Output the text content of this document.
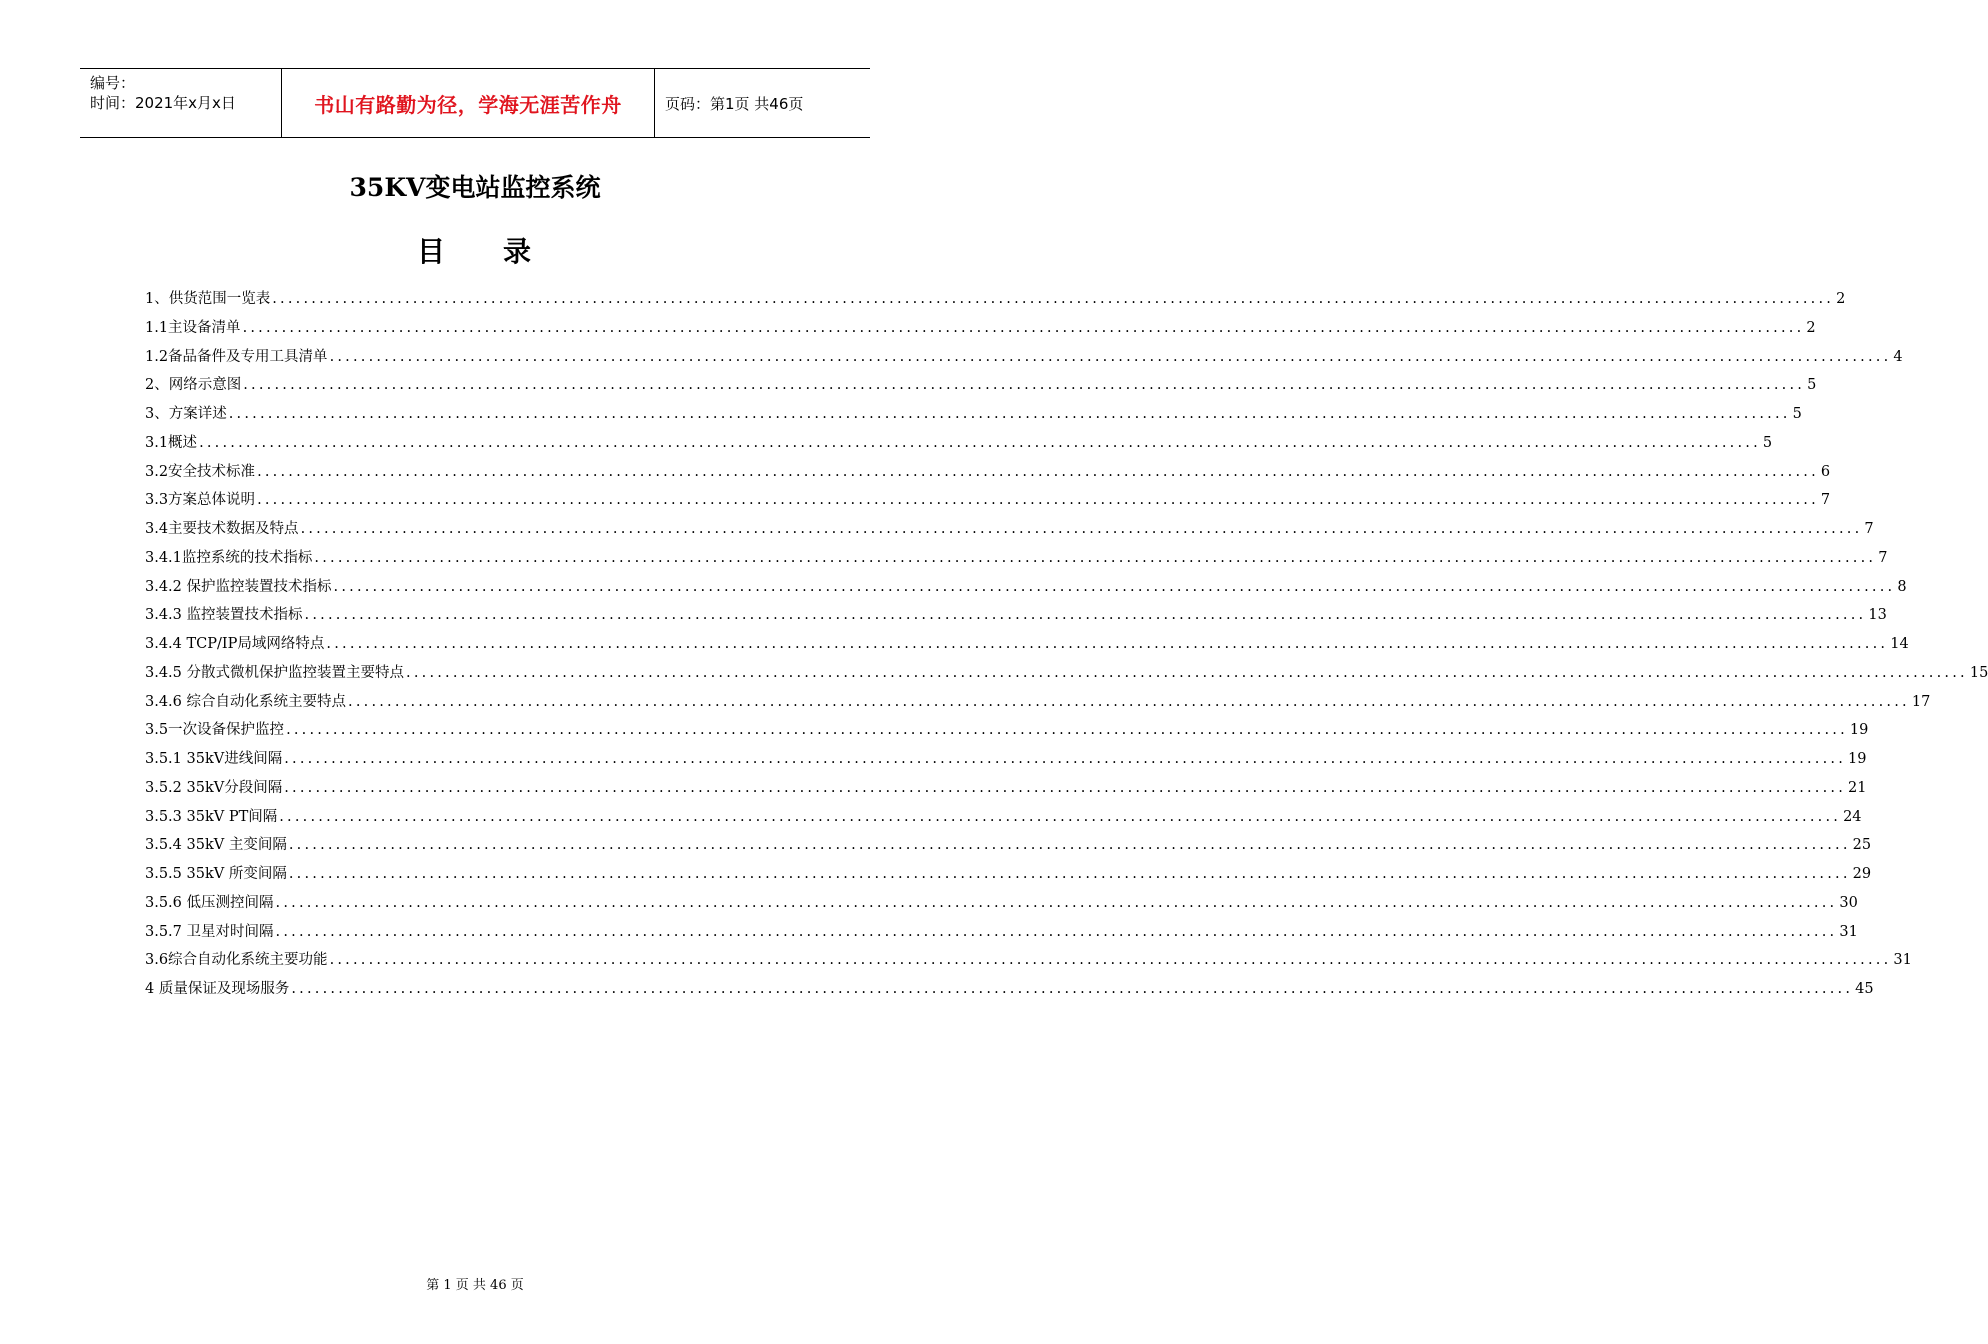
编号：
时间：2021年x月x日	书山有路勤为径，学海无涯苦作舟	页码：第1页 共46页
35KV变电站监控系统
目 录
1、供货范围一览表 ........................................................................................................................................................................................................ 2
1.1主设备清单 ........................................................................................................................................................................................................ 2
1.2备品备件及专用工具清单 ........................................................................................................................................................................................................ 4
2、网络示意图 ........................................................................................................................................................................................................ 5
3、方案详述 ........................................................................................................................................................................................................ 5
3.1概述 ........................................................................................................................................................................................................ 5
3.2安全技术标准 ........................................................................................................................................................................................................ 6
3.3方案总体说明 ........................................................................................................................................................................................................ 7
3.4主要技术数据及特点 ........................................................................................................................................................................................................ 7
3.4.1监控系统的技术指标 ........................................................................................................................................................................................................ 7
3.4.2 保护监控装置技术指标 ........................................................................................................................................................................................................ 8
3.4.3 监控装置技术指标 ........................................................................................................................................................................................................ 13
3.4.4 TCP/IP局域网络特点 ........................................................................................................................................................................................................ 14
3.4.5 分散式微机保护监控装置主要特点 ........................................................................................................................................................................................................ 15
3.4.6 综合自动化系统主要特点 ........................................................................................................................................................................................................ 17
3.5一次设备保护监控 ........................................................................................................................................................................................................ 19
3.5.1 35kV进线间隔 ........................................................................................................................................................................................................ 19
3.5.2 35kV分段间隔 ........................................................................................................................................................................................................ 21
3.5.3 35kV PT间隔 ........................................................................................................................................................................................................ 24
3.5.4 35kV 主变间隔 ........................................................................................................................................................................................................ 25
3.5.5 35kV 所变间隔 ........................................................................................................................................................................................................ 29
3.5.6 低压测控间隔 ........................................................................................................................................................................................................ 30
3.5.7 卫星对时间隔 ........................................................................................................................................................................................................ 31
3.6综合自动化系统主要功能 ........................................................................................................................................................................................................ 31
4 质量保证及现场服务 ........................................................................................................................................................................................................ 45
第 1 页 共 46 页
